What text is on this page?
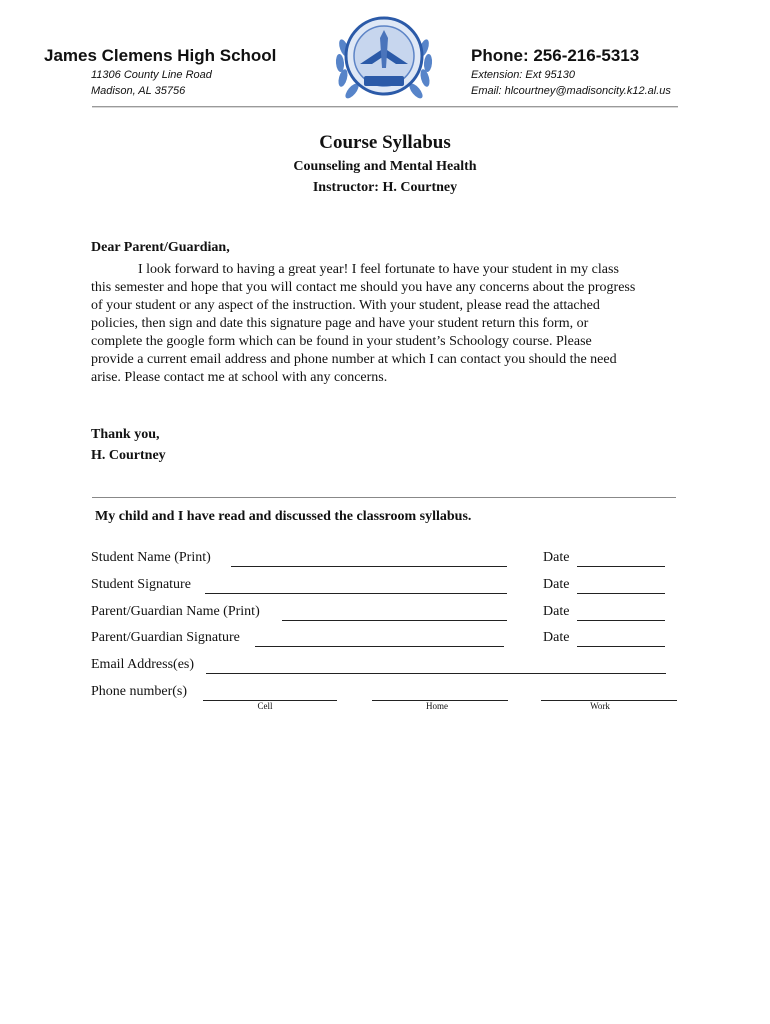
James Clemens High School
11306 County Line Road
Madison, AL 35756
Phone: 256-216-5313
Extension: Ext 95130
Email: hlcourtney@madisoncity.k12.al.us
Course Syllabus
Counseling and Mental Health
Instructor: H. Courtney
Dear Parent/Guardian,
I look forward to having a great year! I feel fortunate to have your student in my class
this semester and hope that you will contact me should you have any concerns about the progress
of your student or any aspect of the instruction. With your student, please read the attached
policies, then sign and date this signature page and have your student return this form, or
complete the google form which can be found in your student’s Schoology course. Please
provide a current email address and phone number at which I can contact you should the need
arise. Please contact me at school with any concerns.
Thank you,
H. Courtney
My child and I have read and discussed the classroom syllabus.
Student Name (Print)	Date
Student Signature	Date
Parent/Guardian Name (Print)	Date
Parent/Guardian Signature	Date
Email Address(es)
Phone number(s)
Cell	Home	Work
